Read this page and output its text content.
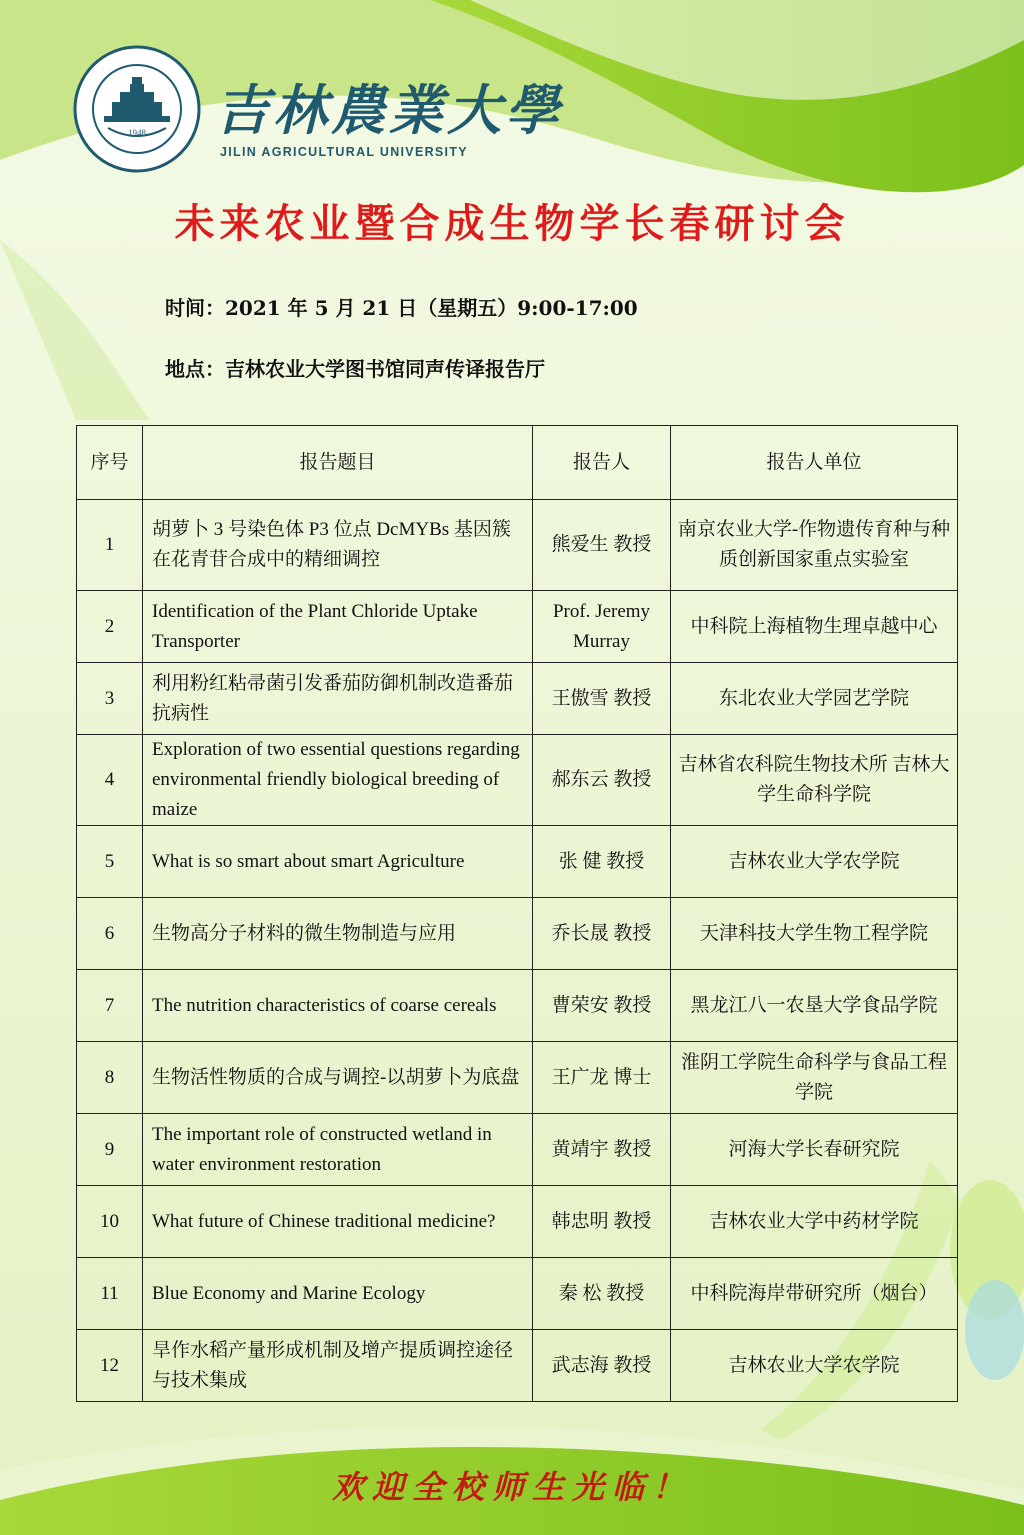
1948 吉林農業大學
JILIN AGRICULTURAL UNIVERSITY
未来农业暨合成生物学长春研讨会
时间：2021 年 5 月 21 日（星期五）9:00-17:00
地点：吉林农业大学图书馆同声传译报告厅
序号	报告题目	报告人	报告人单位
1	胡萝卜 3 号染色体 P3 位点 DcMYBs 基因簇在花青苷合成中的精细调控	熊爱生 教授	南京农业大学-作物遗传育种与种质创新国家重点实验室
2	Identification of the Plant Chloride Uptake Transporter	Prof. Jeremy Murray	中科院上海植物生理卓越中心
3	利用粉红粘帚菌引发番茄防御机制改造番茄抗病性	王傲雪 教授	东北农业大学园艺学院
4	Exploration of two essential questions regarding environmental friendly biological breeding of maize	郝东云 教授	吉林省农科院生物技术所 吉林大学生命科学院
5	What is so smart about smart Agriculture	张 健 教授	吉林农业大学农学院
6	生物高分子材料的微生物制造与应用	乔长晟 教授	天津科技大学生物工程学院
7	The nutrition characteristics of coarse cereals	曹荣安 教授	黑龙江八一农垦大学食品学院
8	生物活性物质的合成与调控-以胡萝卜为底盘	王广龙 博士	淮阴工学院生命科学与食品工程学院
9	The important role of constructed wetland in water environment restoration	黄靖宇 教授	河海大学长春研究院
10	What future of Chinese traditional medicine?	韩忠明 教授	吉林农业大学中药材学院
11	Blue Economy and Marine Ecology	秦 松 教授	中科院海岸带研究所（烟台）
12	旱作水稻产量形成机制及增产提质调控途径与技术集成	武志海 教授	吉林农业大学农学院
欢迎全校师生光临！
